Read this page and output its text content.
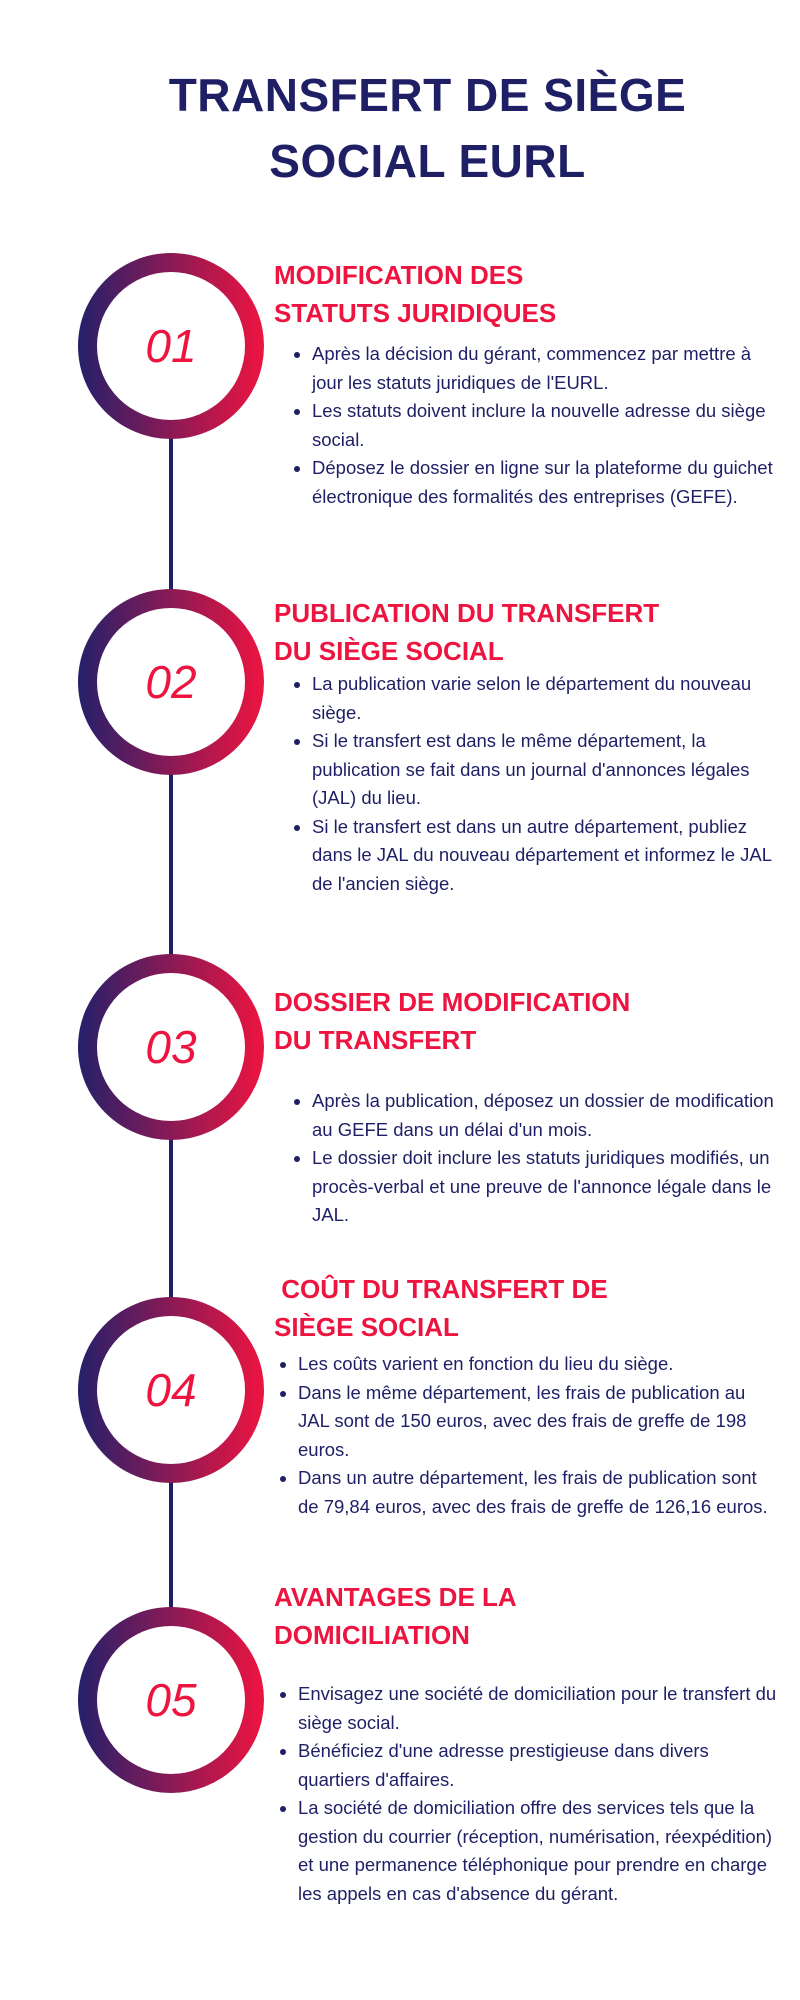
TRANSFERT DE SIÈGE
SOCIAL EURL
01
02
03
04
05
MODIFICATION DES
STATUTS JURIDIQUES
• Après la décision du gérant, commencez par mettre à jour les statuts juridiques de l'EURL.
• Les statuts doivent inclure la nouvelle adresse du siège social.
• Déposez le dossier en ligne sur la plateforme du guichet électronique des formalités des entreprises (GEFE).
PUBLICATION DU TRANSFERT
DU SIÈGE SOCIAL
• La publication varie selon le département du nouveau siège.
• Si le transfert est dans le même département, la publication se fait dans un journal d'annonces légales (JAL) du lieu.
• Si le transfert est dans un autre département, publiez dans le JAL du nouveau département et informez le JAL de l'ancien siège.
DOSSIER DE MODIFICATION
DU TRANSFERT
• Après la publication, déposez un dossier de modification au GEFE dans un délai d'un mois.
• Le dossier doit inclure les statuts juridiques modifiés, un procès-verbal et une preuve de l'annonce légale dans le JAL.
COÛT DU TRANSFERT DE
SIÈGE SOCIAL
• Les coûts varient en fonction du lieu du siège.
• Dans le même département, les frais de publication au JAL sont de 150 euros, avec des frais de greffe de 198 euros.
• Dans un autre département, les frais de publication sont de 79,84 euros, avec des frais de greffe de 126,16 euros.
AVANTAGES DE LA
DOMICILIATION
• Envisagez une société de domiciliation pour le transfert du siège social.
• Bénéficiez d'une adresse prestigieuse dans divers quartiers d'affaires.
• La société de domiciliation offre des services tels que la gestion du courrier (réception, numérisation, réexpédition) et une permanence téléphonique pour prendre en charge les appels en cas d'absence du gérant.
